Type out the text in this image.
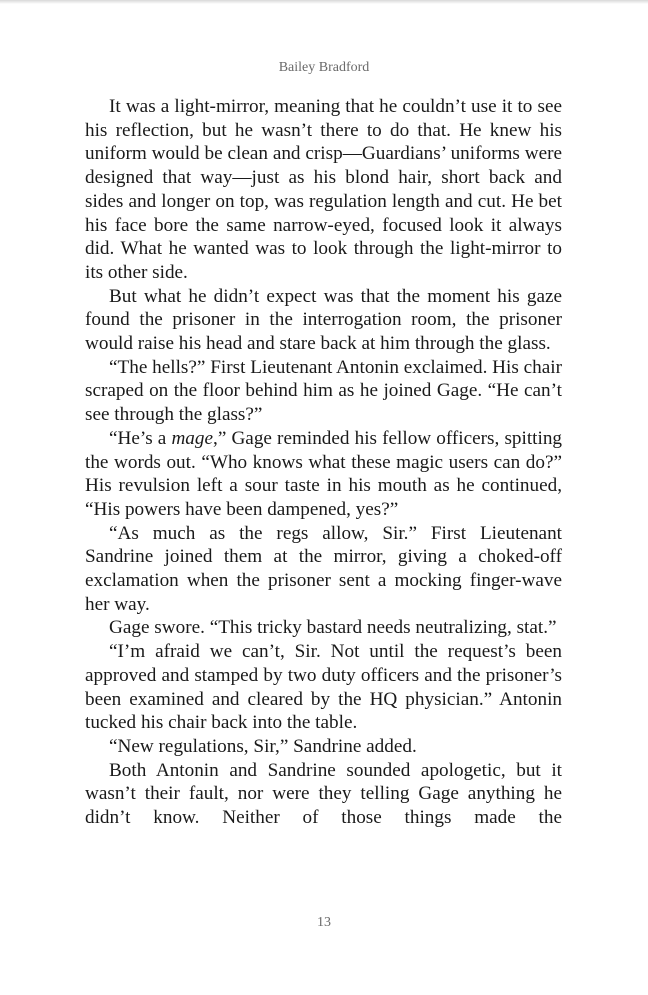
Bailey Bradford

It was a light-mirror, meaning that he couldn’t use it to see his reflection, but he wasn’t there to do that. He knew his uniform would be clean and crisp—Guardians’ uniforms were designed that way—just as his blond hair, short back and sides and longer on top, was regulation length and cut. He bet his face bore the same narrow-eyed, focused look it always did. What he wanted was to look through the light-mirror to its other side.

But what he didn’t expect was that the moment his gaze found the prisoner in the interrogation room, the prisoner would raise his head and stare back at him through the glass.

“The hells?” First Lieutenant Antonin exclaimed. His chair scraped on the floor behind him as he joined Gage. “He can’t see through the glass?”

“He’s a mage,” Gage reminded his fellow officers, spitting the words out. “Who knows what these magic users can do?” His revulsion left a sour taste in his mouth as he continued, “His powers have been dampened, yes?”

“As much as the regs allow, Sir.” First Lieutenant Sandrine joined them at the mirror, giving a choked-off exclamation when the prisoner sent a mocking finger-wave her way.

Gage swore. “This tricky bastard needs neutralizing, stat.”

“I’m afraid we can’t, Sir. Not until the request’s been approved and stamped by two duty officers and the prisoner’s been examined and cleared by the HQ physician.” Antonin tucked his chair back into the table.

“New regulations, Sir,” Sandrine added.

Both Antonin and Sandrine sounded apologetic, but it wasn’t their fault, nor were they telling Gage anything he didn’t know. Neither of those things made the

13
